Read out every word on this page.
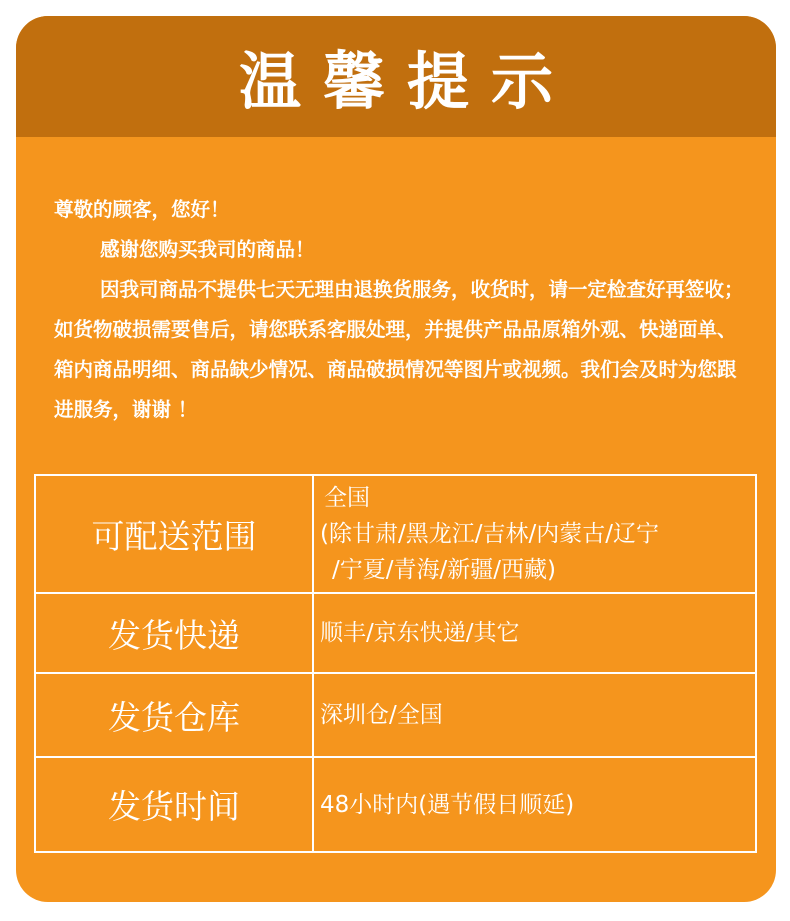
温馨提示

尊敬的顾客，您好！

感谢您购买我司的商品！

因我司商品不提供七天无理由退换货服务，收货时，请一定检查好再签收；如货物破损需要售后，请您联系客服处理，并提供产品品原箱外观、快递面单、箱内商品明细、商品缺少情况、商品破损情况等图片或视频。我们会及时为您跟进服务，谢谢 ！

可配送范围	全国
(除甘肃/黑龙江/吉林/内蒙古/辽宁
/宁夏/青海/新疆/西藏)

发货快递	顺丰/京东快递/其它

发货仓库	深圳仓/全国

发货时间	48小时内(遇节假日顺延)
